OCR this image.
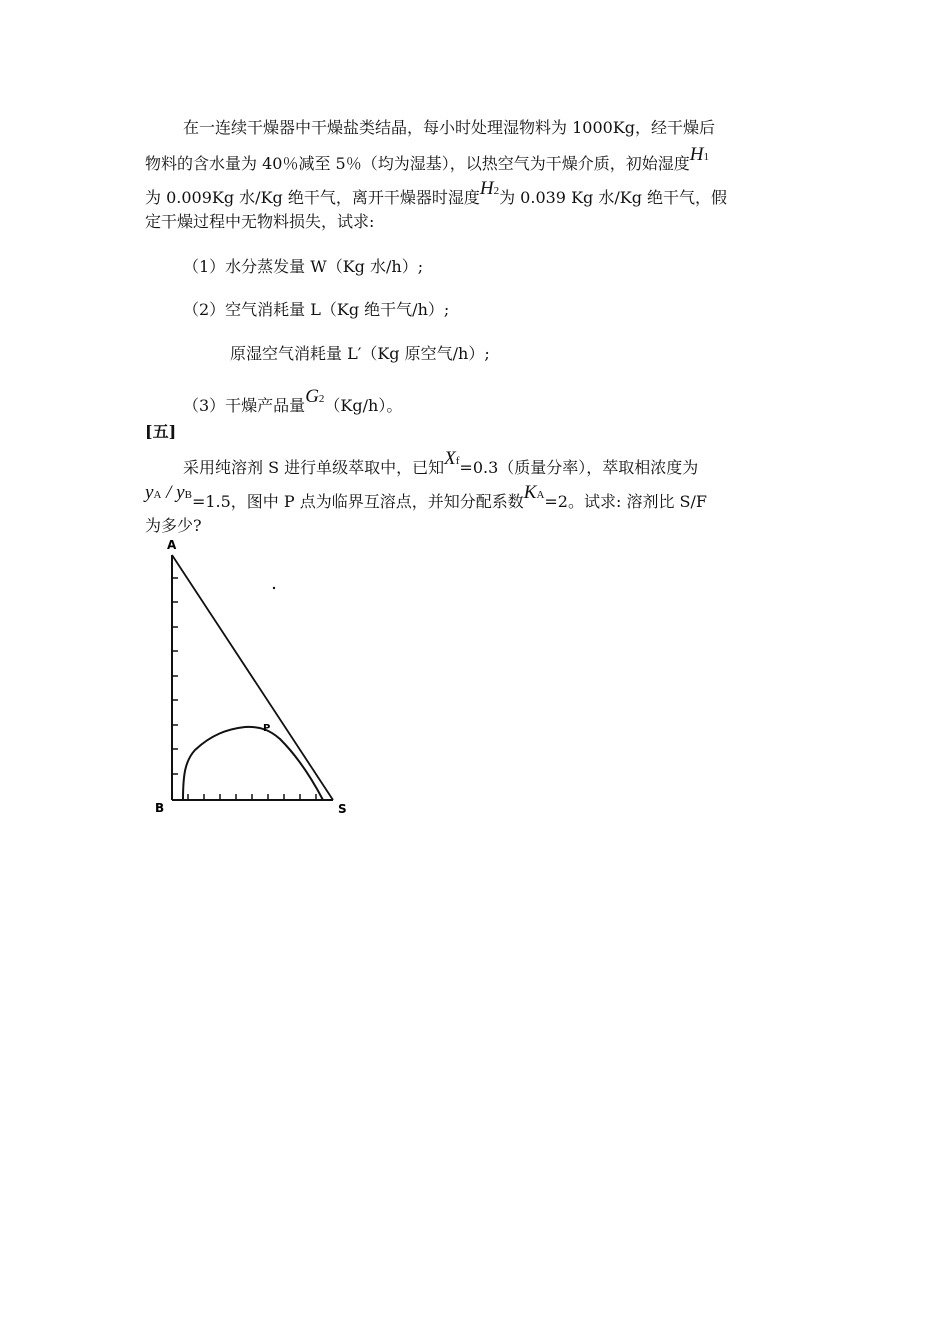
在一连续干燥器中干燥盐类结晶，每小时处理湿物料为 1000Kg，经干燥后
物料的含水量为 40％减至 5％（均为湿基），以热空气为干燥介质，初始湿度H1
为 0.009Kg 水/Kg 绝干气，离开干燥器时湿度H2为 0.039 Kg 水/Kg 绝干气，假
定干燥过程中无物料损失，试求:
（1）水分蒸发量 W（Kg 水/h）;
（2）空气消耗量 L（Kg 绝干气/h）;
原湿空气消耗量 L′（Kg 原空气/h）;
（3）干燥产品量G2（Kg/h）。
[五]
采用纯溶剂 S 进行单级萃取中，已知Xf=0.3（质量分率），萃取相浓度为
yA / yB=1.5，图中 P 点为临界互溶点，并知分配系数KA=2。试求: 溶剂比 S/F
为多少?
A
B	S
P
